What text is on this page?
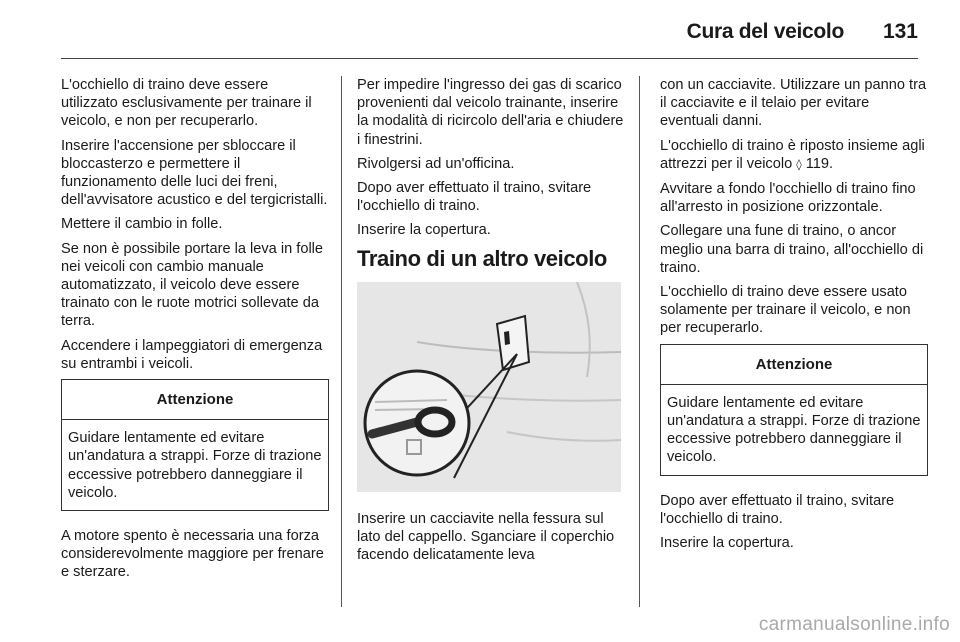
Cura del veicolo 131

L'occhiello di traino deve essere utilizzato esclusivamente per trainare il veicolo, e non per recuperarlo.

Inserire l'accensione per sbloccare il bloccasterzo e permettere il funzionamento delle luci dei freni, dell'avvisatore acustico e del tergicristalli.

Mettere il cambio in folle.

Se non è possibile portare la leva in folle nei veicoli con cambio manuale automatizzato, il veicolo deve essere trainato con le ruote motrici sollevate da terra.

Accendere i lampeggiatori di emergenza su entrambi i veicoli.

Attenzione
Guidare lentamente ed evitare un'andatura a strappi. Forze di trazione eccessive potrebbero danneggiare il veicolo.

A motore spento è necessaria una forza considerevolmente maggiore per frenare e sterzare.

Per impedire l'ingresso dei gas di scarico provenienti dal veicolo trainante, inserire la modalità di ricircolo dell'aria e chiudere i finestrini.

Rivolgersi ad un'officina.

Dopo aver effettuato il traino, svitare l'occhiello di traino.

Inserire la copertura.

Traino di un altro veicolo

Inserire un cacciavite nella fessura sul lato del cappello. Sganciare il coperchio facendo delicatamente leva

con un cacciavite. Utilizzare un panno tra il cacciavite e il telaio per evitare eventuali danni.

L'occhiello di traino è riposto insieme agli attrezzi per il veicolo ◊ 119.

Avvitare a fondo l'occhiello di traino fino all'arresto in posizione orizzontale.

Collegare una fune di traino, o ancor meglio una barra di traino, all'occhiello di traino.

L'occhiello di traino deve essere usato solamente per trainare il veicolo, e non per recuperarlo.

Attenzione
Guidare lentamente ed evitare un'andatura a strappi. Forze di trazione eccessive potrebbero danneggiare il veicolo.

Dopo aver effettuato il traino, svitare l'occhiello di traino.

Inserire la copertura.

carmanualsonline.info
